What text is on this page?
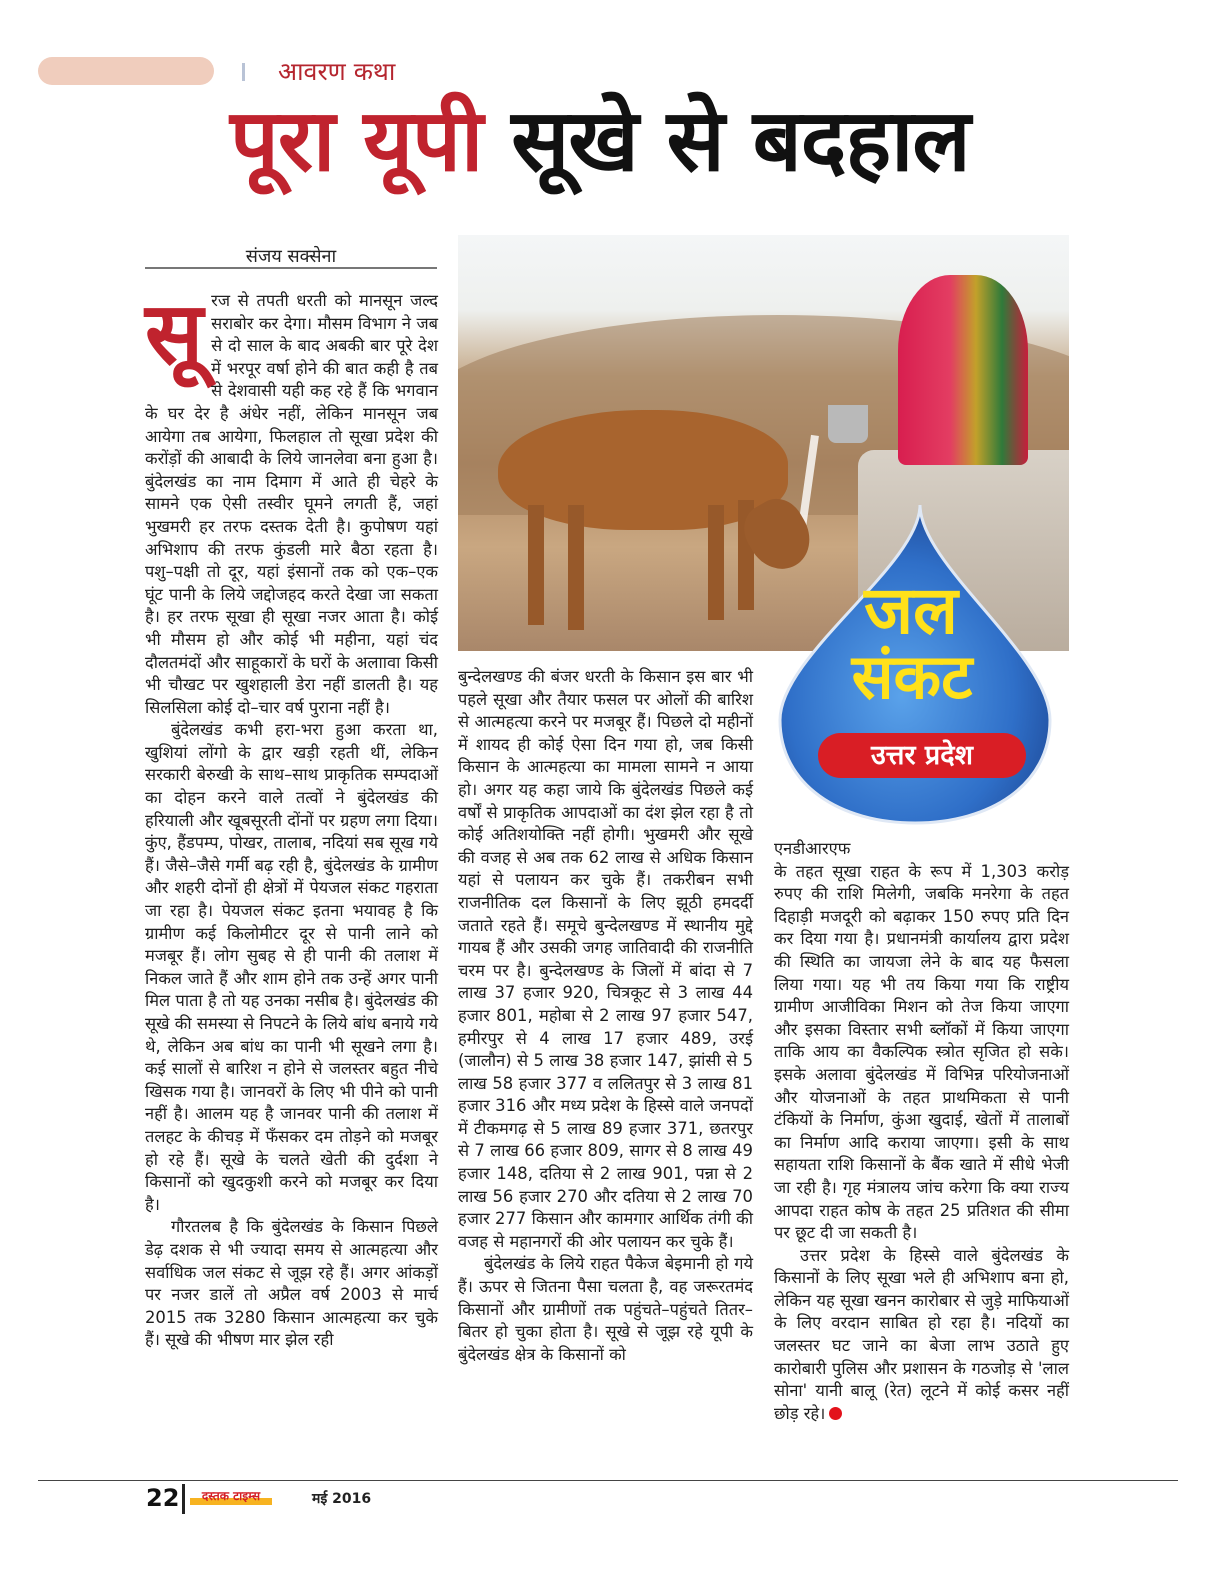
आवरण कथा
पूरा यूपी सूखे से बदहाल
संजय सक्सेना
जल
संकट
उत्तर प्रदेश
सू रज से तपती धरती को मानसून जल्द सराबोर कर देगा। मौसम विभाग ने जब से दो साल के बाद अबकी बार पूरे देश में भरपूर वर्षा होने की बात कही है तब से देशवासी यही कह रहे हैं कि भगवान के घर देर है अंधेर नहीं, लेकिन मानसून जब आयेगा तब आयेगा, फिलहाल तो सूखा प्रदेश की करोंड़ों की आबादी के लिये जानलेवा बना हुआ है। बुंदेलखंड का नाम दिमाग में आते ही चेहरे के सामने एक ऐसी तस्वीर घूमने लगती हैं, जहां भुखमरी हर तरफ दस्तक देती है। कुपोषण यहां अभिशाप की तरफ कुंडली मारे बैठा रहता है। पशु–पक्षी तो दूर, यहां इंसानों तक को एक–एक घूंट पानी के लिये जद्दोजहद करते देखा जा सकता है। हर तरफ सूखा ही सूखा नजर आता है। कोई भी मौसम हो और कोई भी महीना, यहां चंद दौलतमंदों और साहूकारों के घरों के अलाावा किसी भी चौखट पर खुशहाली डेरा नहीं डालती है। यह सिलसिला कोई दो–चार वर्ष पुराना नहीं है।

बुंदेलखंड कभी हरा-भरा हुआ करता था, खुशियां लोंगो के द्वार खड़ी रहती थीं, लेकिन सरकारी बेरुखी के साथ–साथ प्राकृतिक सम्पदाओं का दोहन करने वाले तत्वों ने बुंदेलखंड की हरियाली और खूबसूरती दोंनों पर ग्रहण लगा दिया। कुंए, हैंडपम्प, पोखर, तालाब, नदियां सब सूख गये हैं। जैसे–जैसे गर्मी बढ़ रही है, बुंदेलखंड के ग्रामीण और शहरी दोनों ही क्षेत्रों में पेयजल संकट गहराता जा रहा है। पेयजल संकट इतना भयावह है कि ग्रामीण कई किलोमीटर दूर से पानी लाने को मजबूर हैं। लोग सुबह से ही पानी की तलाश में निकल जाते हैं और शाम होने तक उन्हें अगर पानी मिल पाता है तो यह उनका नसीब है। बुंदेलखंड की सूखे की समस्या से निपटने के लिये बांध बनाये गये थे, लेकिन अब बांध का पानी भी सूखने लगा है। कई सालों से बारिश न होने से जलस्तर बहुत नीचे खिसक गया है। जानवरों के लिए भी पीने को पानी नहीं है। आलम यह है जानवर पानी की तलाश में तलहट के कीचड़ में फँसकर दम तोड़ने को मजबूर हो रहे हैं। सूखे के चलते खेती की दुर्दशा ने किसानों को खुदकुशी करने को मजबूर कर दिया है।

गौरतलब है कि बुंदेलखंड के किसान पिछले डेढ़ दशक से भी ज्यादा समय से आत्महत्या और सर्वाधिक जल संकट से जूझ रहे हैं। अगर आंकड़ों पर नजर डालें तो अप्रैल वर्ष 2003 से मार्च 2015 तक 3280 किसान आत्महत्या कर चुके हैं। सूखे की भीषण मार झेल रही

बुन्देलखण्ड की बंजर धरती के किसान इस बार भी पहले सूखा और तैयार फसल पर ओलों की बारिश से आत्महत्या करने पर मजबूर हैं। पिछले दो महीनों में शायद ही कोई ऐसा दिन गया हो, जब किसी किसान के आत्महत्या का मामला सामने न आया हो। अगर यह कहा जाये कि बुंदेलखंड पिछले कई वर्षों से प्राकृतिक आपदाओं का दंश झेल रहा है तो कोई अतिशयोक्ति नहीं होगी। भुखमरी और सूखे की वजह से अब तक 62 लाख से अधिक किसान यहां से पलायन कर चुके हैं। तकरीबन सभी राजनीतिक दल किसानों के लिए झूठी हमदर्दी जताते रहते हैं। समूचे बुन्देलखण्ड में स्थानीय मुद्दे गायब हैं और उसकी जगह जातिवादी की राजनीति चरम पर है। बुन्देलखण्ड के जिलों में बांदा से 7 लाख 37 हजार 920, चित्रकूट से 3 लाख 44 हजार 801, महोबा से 2 लाख 97 हजार 547, हमीरपुर से 4 लाख 17 हजार 489, उरई (जालौन) से 5 लाख 38 हजार 147, झांसी से 5 लाख 58 हजार 377 व ललितपुर से 3 लाख 81 हजार 316 और मध्य प्रदेश के हिस्से वाले जनपदों में टीकमगढ़ से 5 लाख 89 हजार 371, छतरपुर से 7 लाख 66 हजार 809, सागर से 8 लाख 49 हजार 148, दतिया से 2 लाख 901, पन्ना से 2 लाख 56 हजार 270 और दतिया से 2 लाख 70 हजार 277 किसान और कामगार आर्थिक तंगी की वजह से महानगरों की ओर पलायन कर चुके हैं।

बुंदेलखंड के लिये राहत पैकेज बेइमानी हो गये हैं। ऊपर से जितना पैसा चलता है, वह जरूरतमंद किसानों और ग्रामीणों तक पहुंचते–पहुंचते तितर–बितर हो चुका होता है। सूखे से जूझ रहे यूपी के बुंदेलखंड क्षेत्र के किसानों को

एनडीआरएफ

के तहत सूखा राहत के रूप में 1,303 करोड़ रुपए की राशि मिलेगी, जबकि मनरेगा के तहत दिहाड़ी मजदूरी को बढ़ाकर 150 रुपए प्रति दिन कर दिया गया है। प्रधानमंत्री कार्यालय द्वारा प्रदेश की स्थिति का जायजा लेने के बाद यह फैसला लिया गया। यह भी तय किया गया कि राष्ट्रीय ग्रामीण आजीविका मिशन को तेज किया जाएगा और इसका विस्तार सभी ब्लॉकों में किया जाएगा ताकि आय का वैकल्पिक स्त्रोत सृजित हो सके। इसके अलावा बुंदेलखंड में विभिन्न परियोजनाओं और योजनाओं के तहत प्राथमिकता से पानी टंकियों के निर्माण, कुंआ खुदाई, खेतों में तालाबों का निर्माण आदि कराया जाएगा। इसी के साथ सहायता राशि किसानों के बैंक खाते में सीधे भेजी जा रही है। गृह मंत्रालय जांच करेगा कि क्या राज्य आपदा राहत कोष के तहत 25 प्रतिशत की सीमा पर छूट दी जा सकती है।

उत्तर प्रदेश के हिस्से वाले बुंदेलखंड के किसानों के लिए सूखा भले ही अभिशाप बना हो, लेकिन यह सूखा खनन कारोबार से जुड़े माफियाओं के लिए वरदान साबित हो रहा है। नदियों का जलस्तर घट जाने का बेजा लाभ उठाते हुए कारोबारी पुलिस और प्रशासन के गठजोड़ से 'लाल सोना' यानी बालू (रेत) लूटने में कोई कसर नहीं छोड़ रहे।

22	दस्तक टाइम्स	मई 2016
